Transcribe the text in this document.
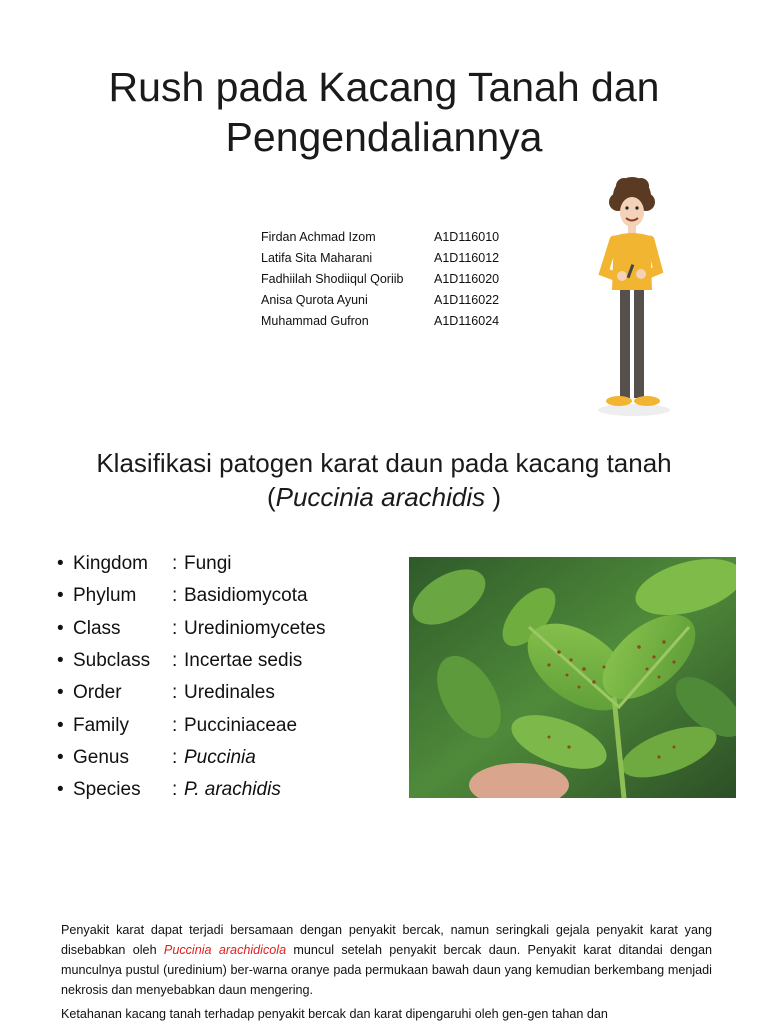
Rush pada Kacang Tanah dan
Pengendaliannya
Firdan Achmad Izom	A1D116010
Latifa Sita Maharani	A1D116012
Fadhiilah Shodiiqul Qoriib	A1D116020
Anisa Qurota Ayuni	A1D116022
Muhammad Gufron	A1D116024
Klasifikasi patogen karat daun pada kacang tanah
(Puccinia arachidis )
• Kingdom	: Fungi
• Phylum	: Basidiomycota
• Class	: Urediniomycetes
• Subclass	: Incertae sedis
• Order	: Uredinales
• Family	: Pucciniaceae
• Genus	: Puccinia
• Species	: P. arachidis

Penyakit karat dapat terjadi bersamaan dengan penyakit bercak, namun seringkali gejala penyakit karat yang disebabkan oleh Puccinia arachidicola muncul setelah penyakit bercak daun. Penyakit karat ditandai dengan munculnya pustul (uredinium) ber-warna oranye pada permukaan bawah daun yang kemudian berkembang menjadi nekrosis dan menyebabkan daun mengering.

Ketahanan kacang tanah terhadap penyakit bercak dan karat dipengaruhi oleh gen-gen tahan dan
